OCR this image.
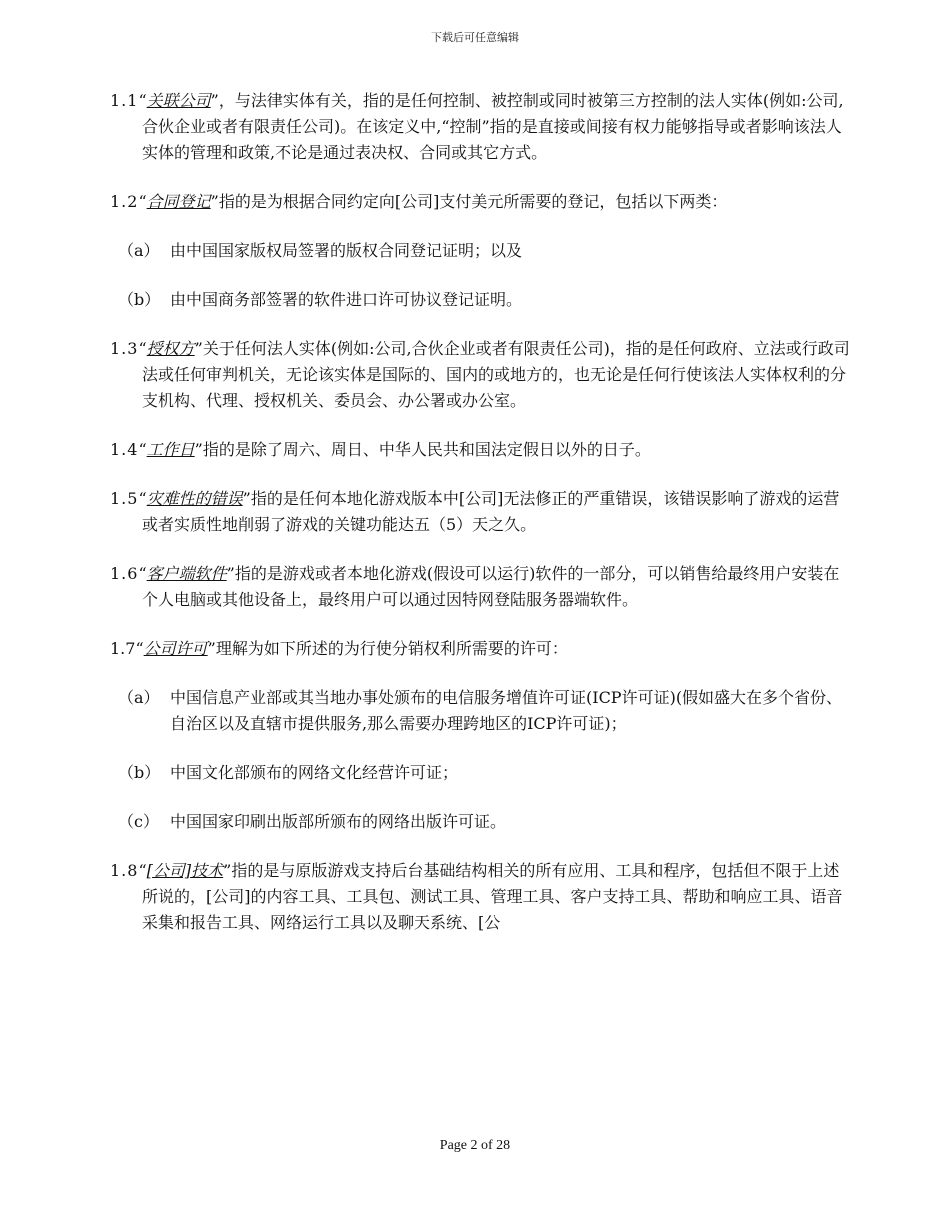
下载后可任意编辑

1.1“关联公司”，与法律实体有关，指的是任何控制、被控制或同时被第三方控制的法人实体(例如:公司,合伙企业或者有限责任公司)。在该定义中,“控制”指的是直接或间接有权力能够指导或者影响该法人实体的管理和政策,不论是通过表决权、合同或其它方式。

1.2“合同登记”指的是为根据合同约定向[公司]支付美元所需要的登记，包括以下两类：

（a） 由中国国家版权局签署的版权合同登记证明；以及

（b） 由中国商务部签署的软件进口许可协议登记证明。

1.3“授权方”关于任何法人实体(例如:公司,合伙企业或者有限责任公司)，指的是任何政府、立法或行政司法或任何审判机关，无论该实体是国际的、国内的或地方的，也无论是任何行使该法人实体权利的分支机构、代理、授权机关、委员会、办公署或办公室。

1.4“工作日”指的是除了周六、周日、中华人民共和国法定假日以外的日子。

1.5“灾难性的错误”指的是任何本地化游戏版本中[公司]无法修正的严重错误，该错误影响了游戏的运营或者实质性地削弱了游戏的关键功能达五（5）天之久。

1.6“客户端软件”指的是游戏或者本地化游戏(假设可以运行)软件的一部分，可以销售给最终用户安装在个人电脑或其他设备上，最终用户可以通过因特网登陆服务器端软件。

1.7“公司许可”理解为如下所述的为行使分销权利所需要的许可：

（a） 中国信息产业部或其当地办事处颁布的电信服务增值许可证(ICP许可证)(假如盛大在多个省份、自治区以及直辖市提供服务,那么需要办理跨地区的ICP许可证)；

（b） 中国文化部颁布的网络文化经营许可证；

（c） 中国国家印刷出版部所颁布的网络出版许可证。

1.8“[公司]技术”指的是与原版游戏支持后台基础结构相关的所有应用、工具和程序，包括但不限于上述所说的，[公司]的内容工具、工具包、测试工具、管理工具、客户支持工具、帮助和响应工具、语音采集和报告工具、网络运行工具以及聊天系统、[公

Page 2 of 28
